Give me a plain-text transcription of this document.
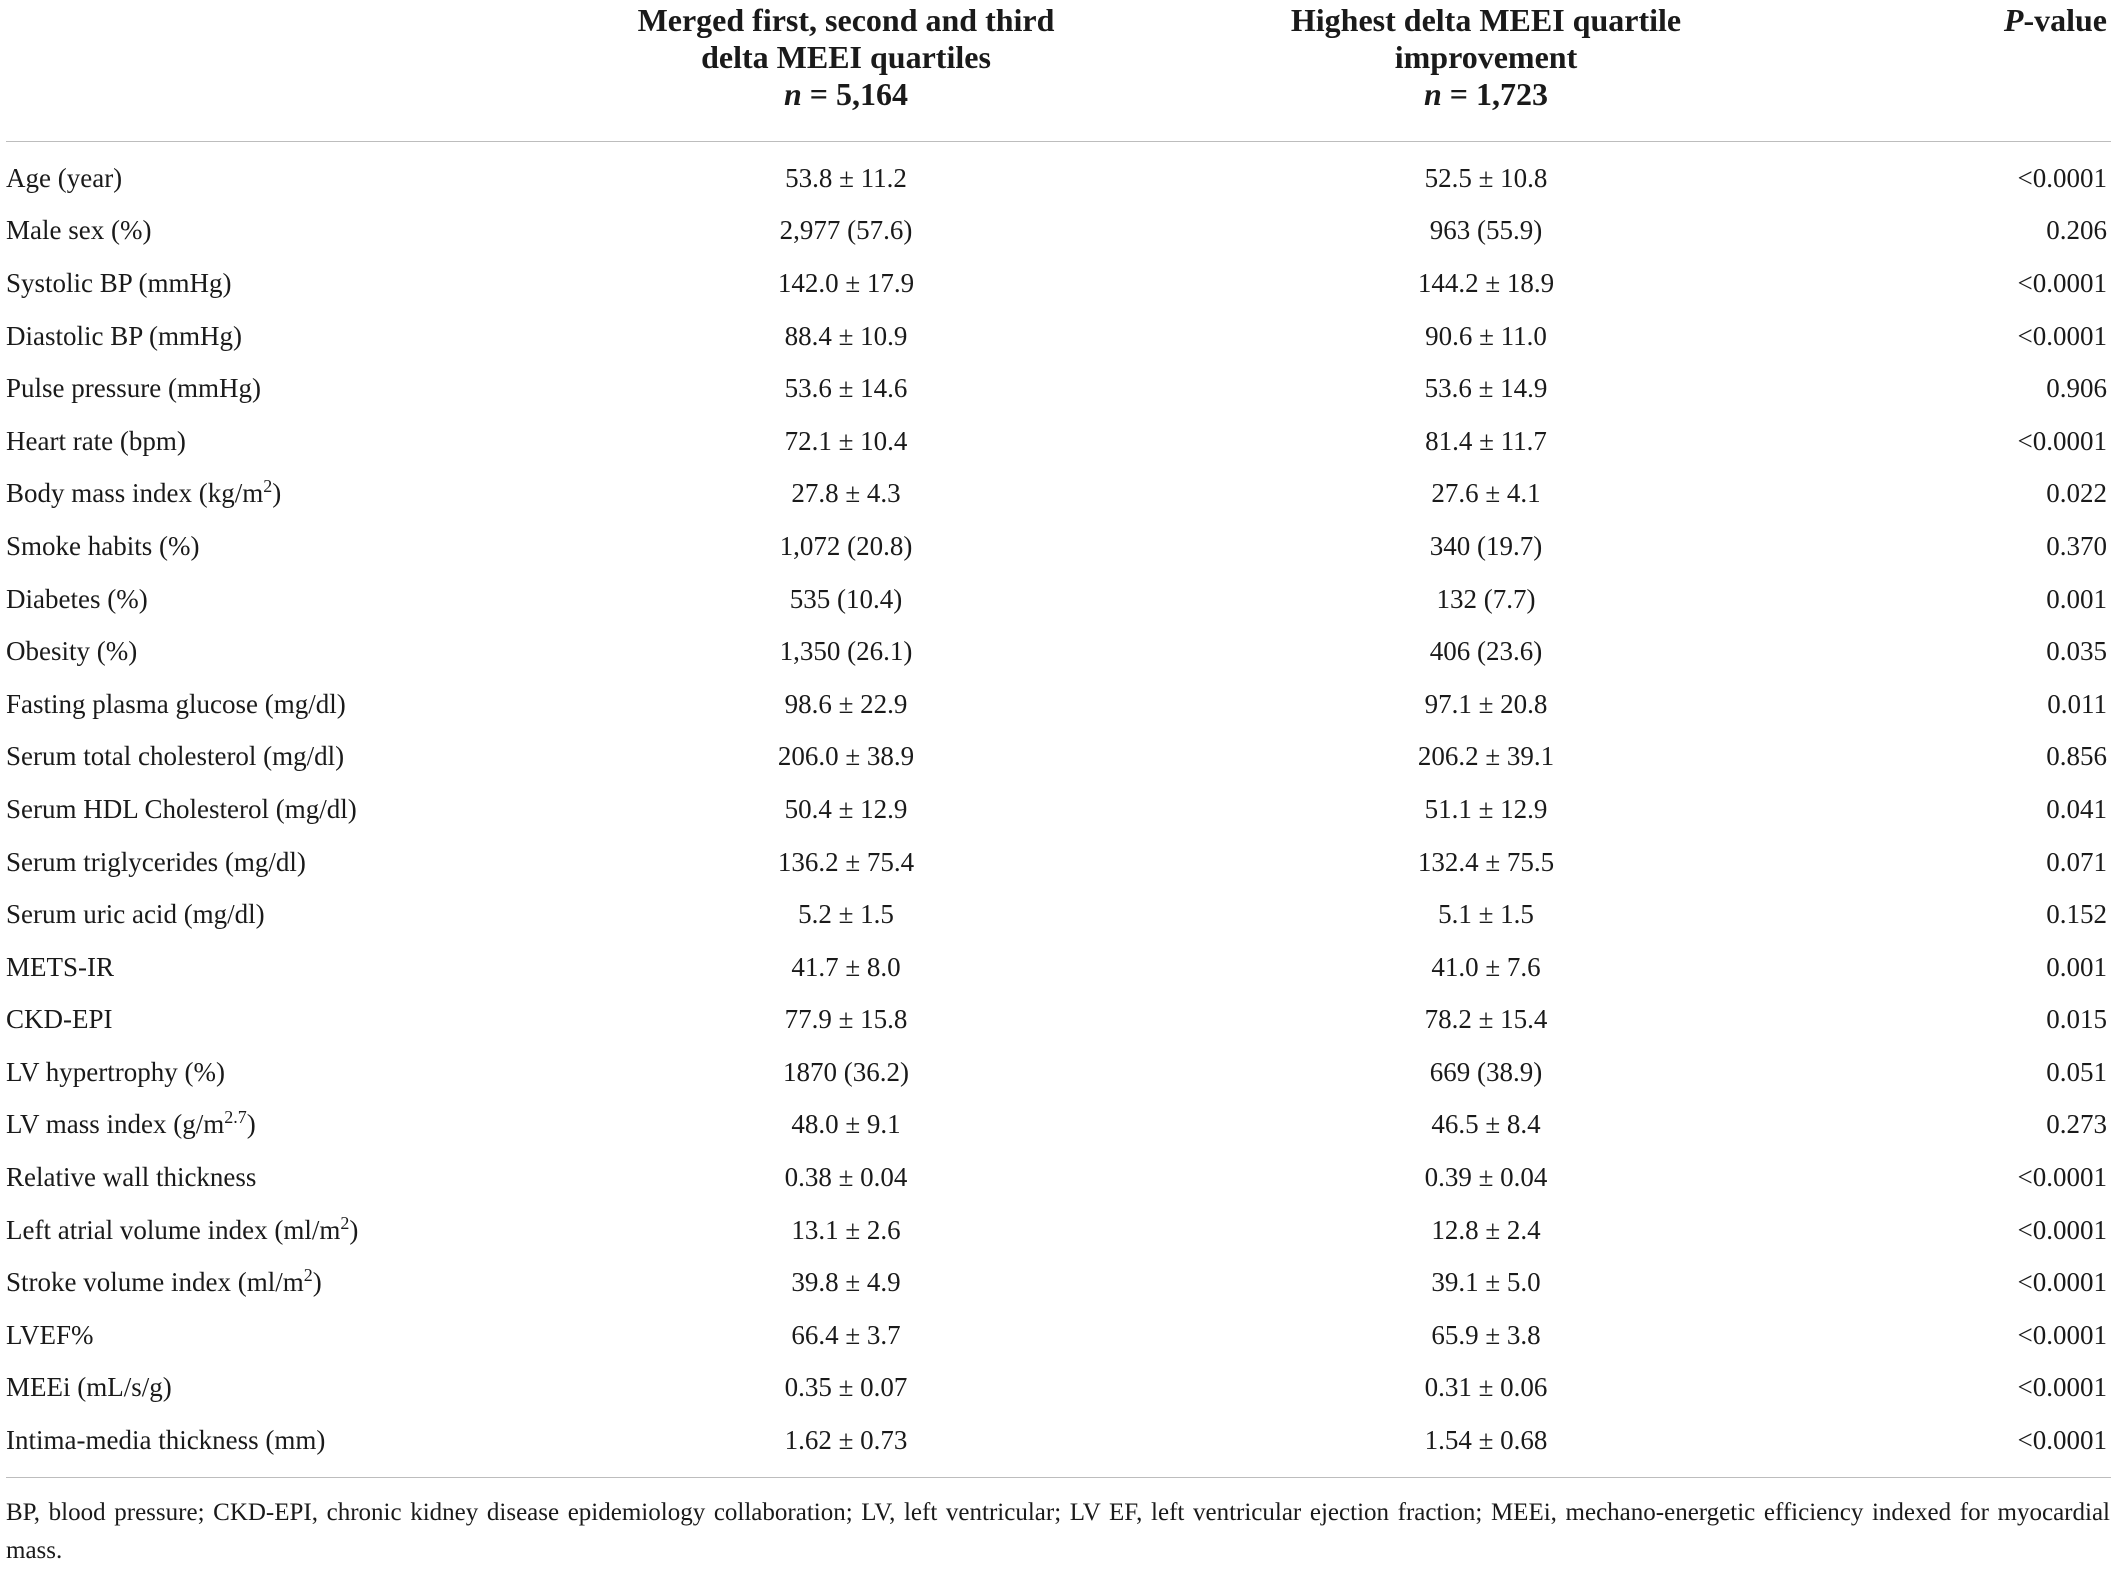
	Merged first, second and third
delta MEEI quartiles
n = 5,164	Highest delta MEEI quartile
improvement
n = 1,723	P-value
Age (year)	53.8 ± 11.2	52.5 ± 10.8	<0.0001
Male sex (%)	2,977 (57.6)	963 (55.9)	0.206
Systolic BP (mmHg)	142.0 ± 17.9	144.2 ± 18.9	<0.0001
Diastolic BP (mmHg)	88.4 ± 10.9	90.6 ± 11.0	<0.0001
Pulse pressure (mmHg)	53.6 ± 14.6	53.6 ± 14.9	0.906
Heart rate (bpm)	72.1 ± 10.4	81.4 ± 11.7	<0.0001
Body mass index $(kg/m^2)$	27.8 ± 4.3	27.6 ± 4.1	0.022
Smoke habits (%)	1,072 (20.8)	340 (19.7)	0.370
Diabetes (%)	535 (10.4)	132 (7.7)	0.001
Obesity (%)	1,350 (26.1)	406 (23.6)	0.035
Fasting plasma glucose (mg/dl)	98.6 ± 22.9	97.1 ± 20.8	0.011
Serum total cholesterol (mg/dl)	206.0 ± 38.9	206.2 ± 39.1	0.856
Serum HDL Cholesterol (mg/dl)	50.4 ± 12.9	51.1 ± 12.9	0.041
Serum triglycerides (mg/dl)	136.2 ± 75.4	132.4 ± 75.5	0.071
Serum uric acid (mg/dl)	5.2 ± 1.5	5.1 ± 1.5	0.152
METS-IR	41.7 ± 8.0	41.0 ± 7.6	0.001
CKD-EPI	77.9 ± 15.8	78.2 ± 15.4	0.015
LV hypertrophy (%)	1870 (36.2)	669 (38.9)	0.051
LV mass index $(g/m^{2.7})$	48.0 ± 9.1	46.5 ± 8.4	0.273
Relative wall thickness	0.38 ± 0.04	0.39 ± 0.04	<0.0001
Left atrial volume index $(ml/m^2)$	13.1 ± 2.6	12.8 ± 2.4	<0.0001
Stroke volume index $(ml/m^2)$	39.8 ± 4.9	39.1 ± 5.0	<0.0001
LVEF%	66.4 ± 3.7	65.9 ± 3.8	<0.0001
MEEi (mL/s/g)	0.35 ± 0.07	0.31 ± 0.06	<0.0001
Intima-media thickness (mm)	1.62 ± 0.73	1.54 ± 0.68	<0.0001
BP, blood pressure; CKD-EPI, chronic kidney disease epidemiology collaboration; LV, left ventricular; LV EF, left ventricular ejection fraction; MEEi, mechano-energetic efficiency indexed for myocardial mass.
